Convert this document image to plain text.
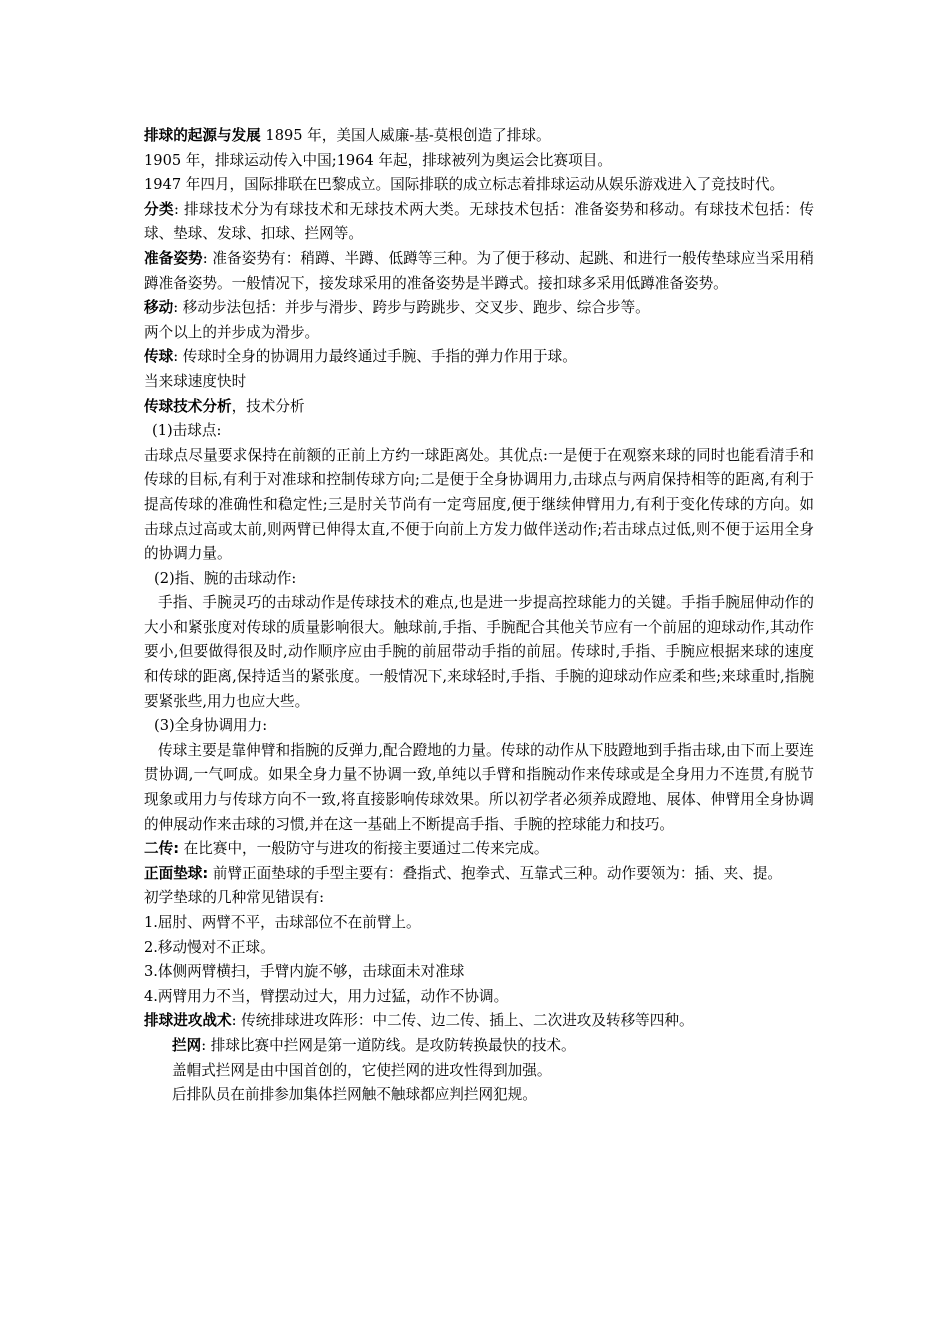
排球的起源与发展 1895 年，美国人威廉-基-莫根创造了排球。

1905 年，排球运动传入中国;1964 年起，排球被列为奥运会比赛项目。

1947 年四月，国际排联在巴黎成立。国际排联的成立标志着排球运动从娱乐游戏进入了竞技时代。

分类: 排球技术分为有球技术和无球技术两大类。无球技术包括：准备姿势和移动。有球技术包括：传球、垫球、发球、扣球、拦网等。

准备姿势: 准备姿势有：稍蹲、半蹲、低蹲等三种。为了便于移动、起跳、和进行一般传垫球应当采用稍蹲准备姿势。一般情况下，接发球采用的准备姿势是半蹲式。接扣球多采用低蹲准备姿势。

移动: 移动步法包括：并步与滑步、跨步与跨跳步、交叉步、跑步、综合步等。

两个以上的并步成为滑步。

传球: 传球时全身的协调用力最终通过手腕、手指的弹力作用于球。

当来球速度快时

传球技术分析，技术分析

(1)击球点:

击球点尽量要求保持在前额的正前上方约一球距离处。其优点:一是便于在观察来球的同时也能看清手和传球的目标,有利于对准球和控制传球方向;二是便于全身协调用力,击球点与两肩保持相等的距离,有利于提高传球的准确性和稳定性;三是肘关节尚有一定弯屈度,便于继续伸臂用力,有利于变化传球的方向。如击球点过高或太前,则两臂已伸得太直,不便于向前上方发力做伴送动作;若击球点过低,则不便于运用全身的协调力量。

(2)指、腕的击球动作:

手指、手腕灵巧的击球动作是传球技术的难点,也是进一步提高控球能力的关键。手指手腕屈伸动作的大小和紧张度对传球的质量影响很大。触球前,手指、手腕配合其他关节应有一个前屈的迎球动作,其动作要小,但要做得很及时,动作顺序应由手腕的前屈带动手指的前屈。传球时,手指、手腕应根据来球的速度和传球的距离,保持适当的紧张度。一般情况下,来球轻时,手指、手腕的迎球动作应柔和些;来球重时,指腕要紧张些,用力也应大些。

(3)全身协调用力:

传球主要是靠伸臂和指腕的反弹力,配合蹬地的力量。传球的动作从下肢蹬地到手指击球,由下而上要连贯协调,一气呵成。如果全身力量不协调一致,单纯以手臂和指腕动作来传球或是全身用力不连贯,有脱节现象或用力与传球方向不一致,将直接影响传球效果。所以初学者必须养成蹬地、展体、伸臂用全身协调的伸展动作来击球的习惯,并在这一基础上不断提高手指、手腕的控球能力和技巧。

二传: 在比赛中，一般防守与进攻的衔接主要通过二传来完成。

正面垫球: 前臂正面垫球的手型主要有：叠指式、抱拳式、互靠式三种。动作要领为：插、夹、提。

初学垫球的几种常见错误有:

1.屈肘、两臂不平，击球部位不在前臂上。

2.移动慢对不正球。

3.体侧两臂横扫，手臂内旋不够，击球面未对准球

4.两臂用力不当，臂摆动过大，用力过猛，动作不协调。

排球进攻战术: 传统排球进攻阵形：中二传、边二传、插上、二次进攻及转移等四种。

拦网: 排球比赛中拦网是第一道防线。是攻防转换最快的技术。

盖帽式拦网是由中国首创的，它使拦网的进攻性得到加强。

后排队员在前排参加集体拦网触不触球都应判拦网犯规。
